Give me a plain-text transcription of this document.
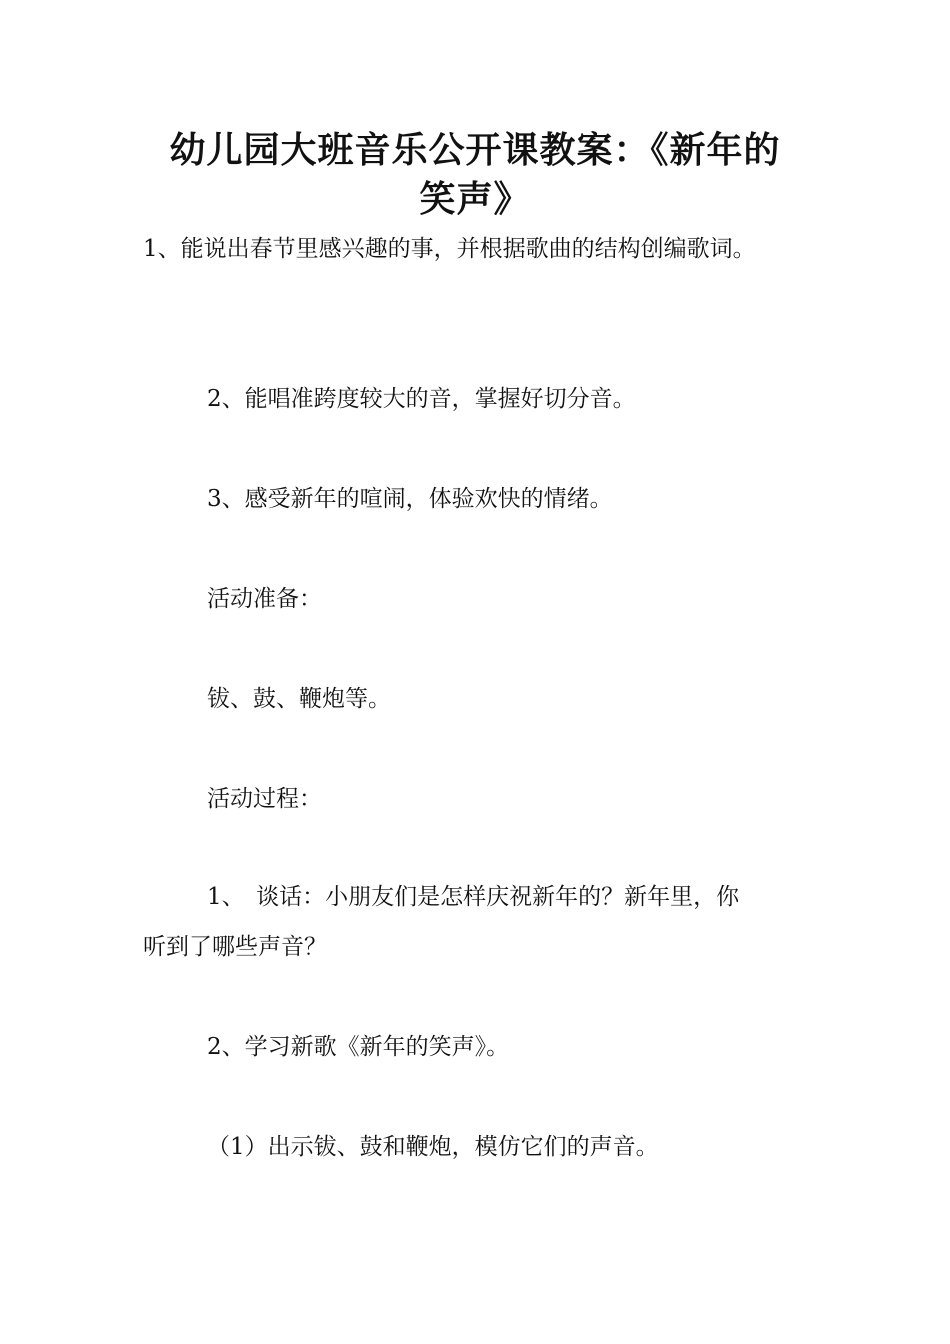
幼儿园大班音乐公开课教案：《新年的
笑声》
1、能说出春节里感兴趣的事，并根据歌曲的结构创编歌词。
2、能唱准跨度较大的音，掌握好切分音。
3、感受新年的喧闹，体验欢快的情绪。
活动准备：
钹、鼓、鞭炮等。
活动过程：
1、　谈话：小朋友们是怎样庆祝新年的？新年里，你
听到了哪些声音？
2、学习新歌《新年的笑声》。
（1）出示钹、鼓和鞭炮，模仿它们的声音。
